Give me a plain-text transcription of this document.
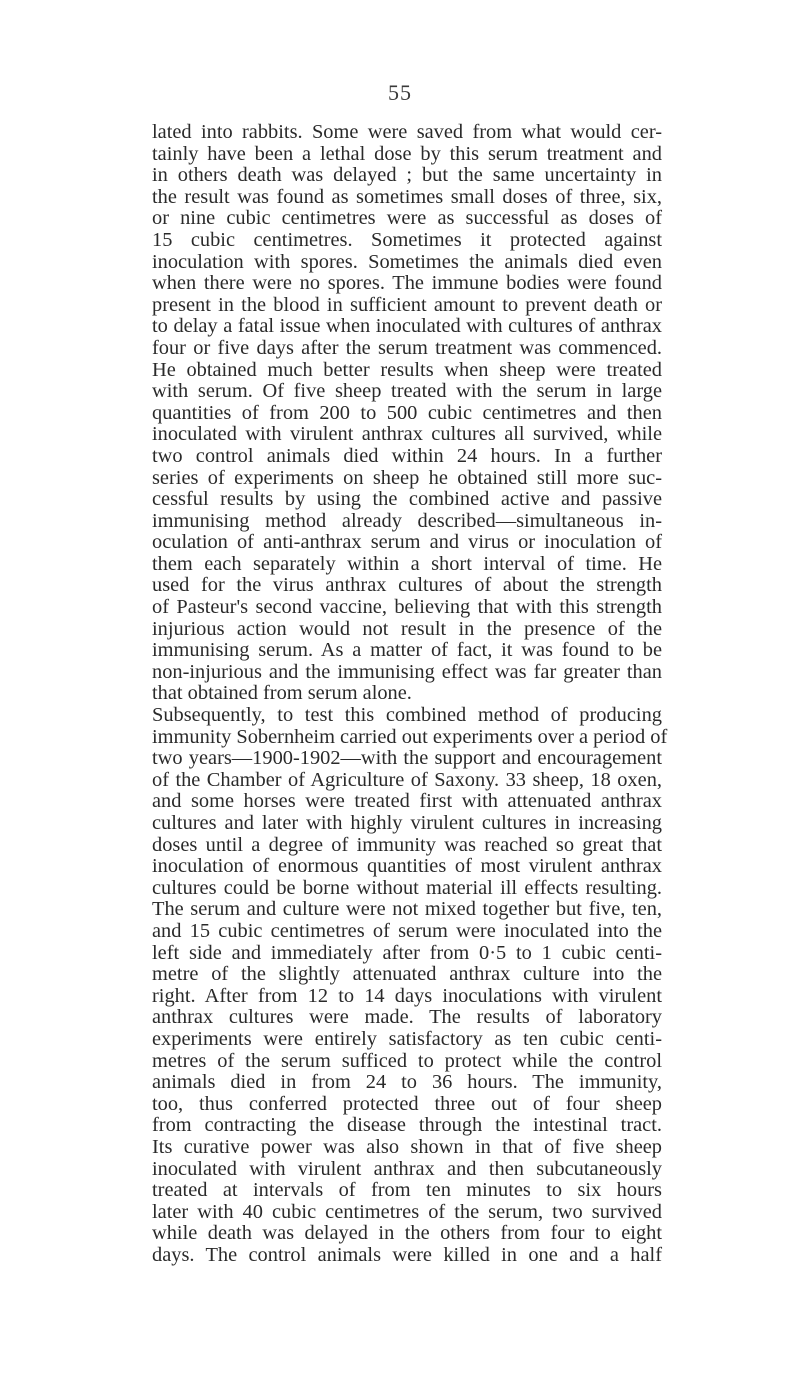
55
lated into rabbits. Some were saved from what would cer-
tainly have been a lethal dose by this serum treatment and
in others death was delayed ; but the same uncertainty in
the result was found as sometimes small doses of three, six,
or nine cubic centimetres were as successful as doses of
15 cubic centimetres. Sometimes it protected against
inoculation with spores. Sometimes the animals died even
when there were no spores. The immune bodies were found
present in the blood in sufficient amount to prevent death or
to delay a fatal issue when inoculated with cultures of anthrax
four or five days after the serum treatment was commenced.
He obtained much better results when sheep were treated
with serum. Of five sheep treated with the serum in large
quantities of from 200 to 500 cubic centimetres and then
inoculated with virulent anthrax cultures all survived, while
two control animals died within 24 hours. In a further
series of experiments on sheep he obtained still more suc-
cessful results by using the combined active and passive
immunising method already described—simultaneous in-
oculation of anti-anthrax serum and virus or inoculation of
them each separately within a short interval of time. He
used for the virus anthrax cultures of about the strength
of Pasteur's second vaccine, believing that with this strength
injurious action would not result in the presence of the
immunising serum. As a matter of fact, it was found to be
non-injurious and the immunising effect was far greater than
that obtained from serum alone.
Subsequently, to test this combined method of producing
immunity Sobernheim carried out experiments over a period of
two years—1900-1902—with the support and encouragement
of the Chamber of Agriculture of Saxony. 33 sheep, 18 oxen,
and some horses were treated first with attenuated anthrax
cultures and later with highly virulent cultures in increasing
doses until a degree of immunity was reached so great that
inoculation of enormous quantities of most virulent anthrax
cultures could be borne without material ill effects resulting.
The serum and culture were not mixed together but five, ten,
and 15 cubic centimetres of serum were inoculated into the
left side and immediately after from 0·5 to 1 cubic centi-
metre of the slightly attenuated anthrax culture into the
right. After from 12 to 14 days inoculations with virulent
anthrax cultures were made. The results of laboratory
experiments were entirely satisfactory as ten cubic centi-
metres of the serum sufficed to protect while the control
animals died in from 24 to 36 hours. The immunity,
too, thus conferred protected three out of four sheep
from contracting the disease through the intestinal tract.
Its curative power was also shown in that of five sheep
inoculated with virulent anthrax and then subcutaneously
treated at intervals of from ten minutes to six hours
later with 40 cubic centimetres of the serum, two survived
while death was delayed in the others from four to eight
days. The control animals were killed in one and a half
